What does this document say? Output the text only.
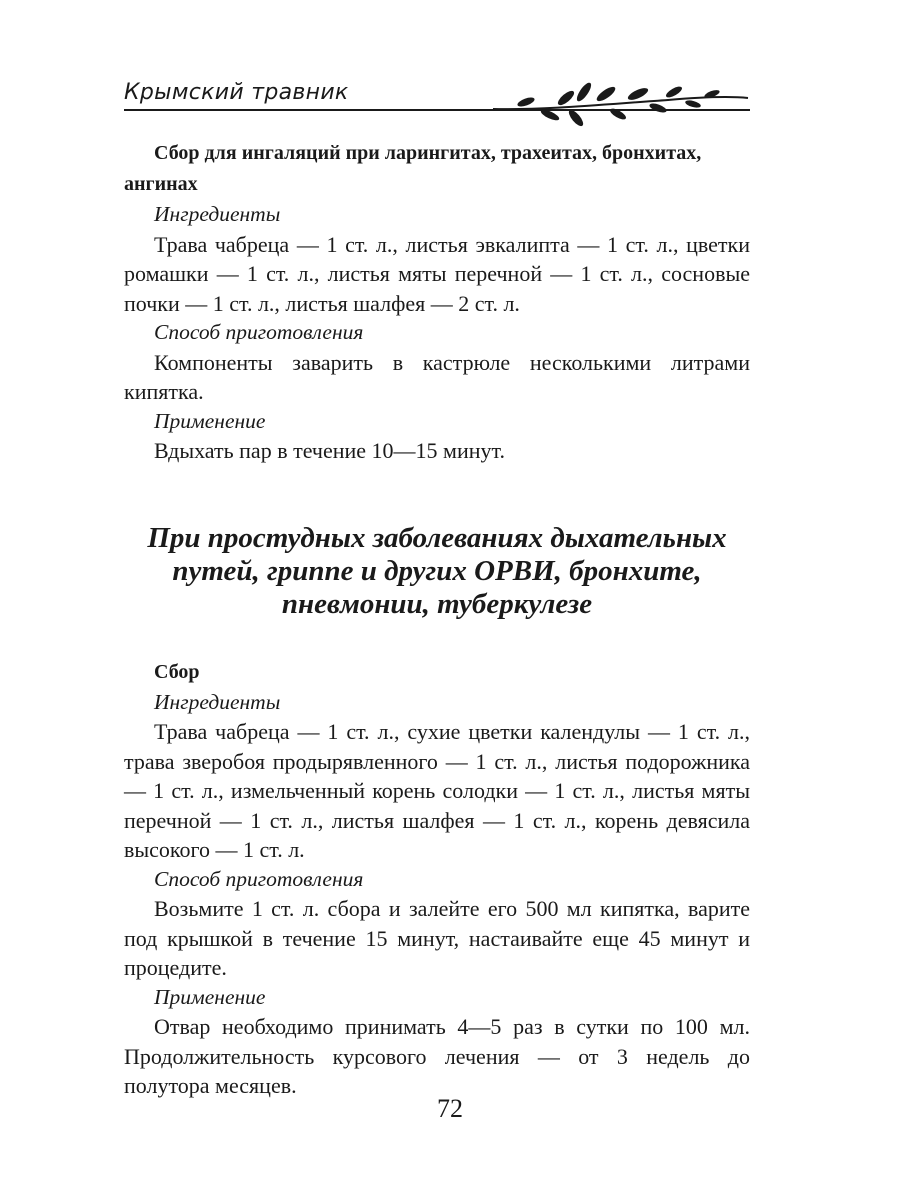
Крымский травник

Сбор для ингаляций при ларингитах, трахеитах, бронхитах, ангинах

Ингредиенты

Трава чабреца — 1 ст. л., листья эвкалипта — 1 ст. л., цветки ромашки — 1 ст. л., листья мяты перечной — 1 ст. л., сосновые почки — 1 ст. л., листья шалфея — 2 ст. л.

Способ приготовления

Компоненты заварить в кастрюле несколькими литрами кипятка.

Применение

Вдыхать пар в течение 10—15 минут.

При простудных заболеваниях дыхательных путей, гриппе и других ОРВИ, бронхите, пневмонии, туберкулезе

Сбор

Ингредиенты

Трава чабреца — 1 ст. л., сухие цветки календулы — 1 ст. л., трава зверобоя продырявленного — 1 ст. л., листья подорожника — 1 ст. л., измельченный корень солодки — 1 ст. л., листья мяты перечной — 1 ст. л., листья шалфея — 1 ст. л., корень девясила высокого — 1 ст. л.

Способ приготовления

Возьмите 1 ст. л. сбора и залейте его 500 мл кипятка, варите под крышкой в течение 15 минут, настаивайте еще 45 минут и процедите.

Применение

Отвар необходимо принимать 4—5 раз в сутки по 100 мл. Продолжительность курсового лечения — от 3 недель до полутора месяцев.

72
